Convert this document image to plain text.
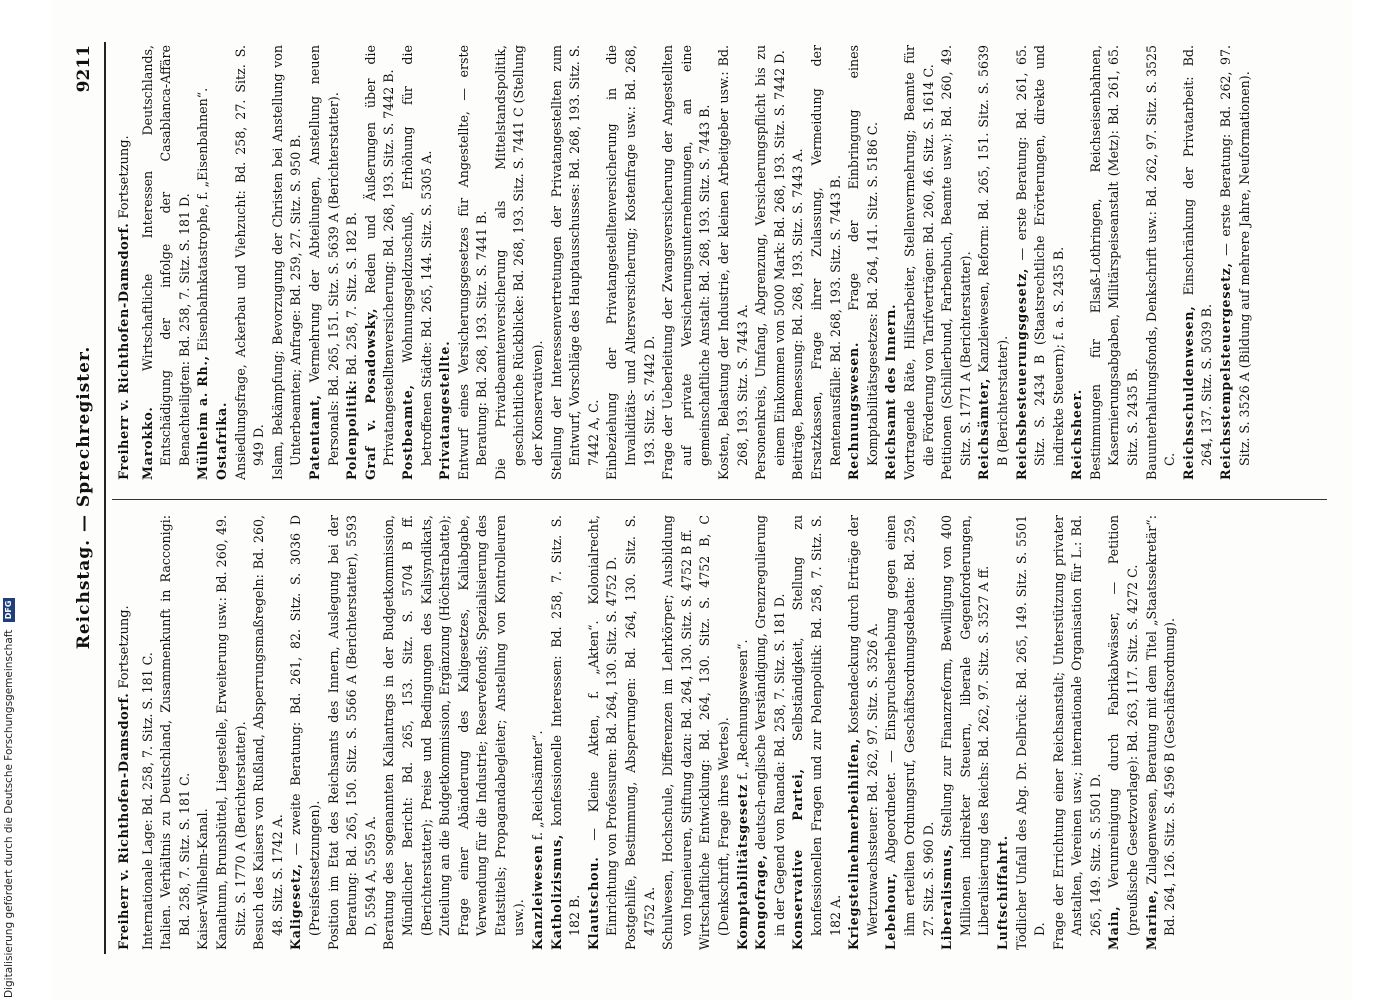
Reichstag. — Sprechregister.
9211
Freiherr v. Richthofen-Damsdorf. Fortsetzung.
Internationale Lage: Bd. 258, 7. Sitz. S. 181 C. Italien. Verhältnis zu Deutschland, Zusammenkunft in Racconigi: Bd. 258, 7. Sitz. S. 181 C. Kaiser-Wilhelm-Kanal. Kanaltunn, Brunsbüttel, Liegestelle, Erweiterung usw.: Bd. 260, 49. Sitz. S. 1770 A (Berichterstatter). Besuch des Kaisers von Rußland, Absperrungsmaßregeln: Bd. 260, 48. Sitz. S. 1742 A. Kaligesetz, — zweite Beratung: Bd. 261, 82. Sitz. S. 3036 D (Preisfestsetzungen). Position im Etat des Reichsamts des Innern, Auslegung bei der Beratung: Bd. 265, 150. Sitz. S. 5566 A (Berichterstatter), 5593 D, 5594 A, 5595 A. Beratung des sogenannten Kaliantrags in der Budgetkommission, Mündlicher Bericht: Bd. 265, 153. Sitz. S. 5704 B ff. (Berichterstatter); Preise und Bedingungen des Kalisyndikats, Zuteilung an die Budgetkommission, Ergänzung (Höchstrabatte); Frage einer Abänderung des Kaligesetzes, Kaliabgabe, Verwendung für die Industrie; Reservefonds; Spezialisierung des Etatstitels; Propagandabegleiter; Anstellung von Kontrolleuren usw.). Kanzleiwesen f. „Reichsämter“.
Katholizismus, konfessionelle Interessen: Bd. 258, 7. Sitz. S. 182 B. Klautschou. — Kleine Akten, f. „Akten“. Kolonialrecht, Einrichtung von Professuren: Bd. 264, 130. Sitz. S. 4752 D. Postgehilfe, Bestimmung, Absperrungen: Bd. 264, 130. Sitz. S. 4752 A. Schulwesen, Hochschule, Differenzen im Lehrkörper; Ausbildung von Ingenieuren, Stiftung dazu: Bd. 264, 130. Sitz. S. 4752 B ff. Wirtschaftliche Entwicklung: Bd. 264, 130. Sitz. S. 4752 B, C (Denkschrift, Frage ihres Wertes). Komptabilitätsgesetz f. „Rechnungswesen“.
Kongofrage, deutsch-englische Verständigung, Grenzregulierung in der Gegend von Ruanda: Bd. 258, 7. Sitz. S. 181 D. Konservative Partei, Selbständigkeit, Stellung zu konfessionellen Fragen und zur Polenpolitik: Bd. 258, 7. Sitz. S. 182 A. Kriegsteilnehmerbeihilfen, Kostendeckung durch Erträge der Wertzuwachssteuer: Bd. 262, 97. Sitz. S. 3526 A. Lebehour, Abgeordneter. — Einspruchserhebung gegen einen ihm erteilten Ordnungsruf, Geschäftsordnungsdebatte: Bd. 259, 27. Sitz. S. 960 D. Liberalismus, Stellung zur Finanzreform, Bewilligung von 400 Millionen indirekter Steuern, liberale Gegenforderungen, Liberalisierung des Reichs: Bd. 262, 97. Sitz. S. 3527 A ff. Luftschiffahrt. Tödlicher Unfall des Abg. Dr. Delbrück: Bd. 265, 149. Sitz. S. 5501 D. Frage der Errichtung einer Reichsanstalt; Unterstützung privater Anstalten, Vereinen usw.; internationale Organisation für L.: Bd. 265, 149. Sitz. S. 5501 D. Main, Verunreinigung durch Fabrikabwässer, — Petition (preußische Gesetzvorlage): Bd. 263, 117. Sitz. S. 4272 C. Marine, Zulagenwesen, Beratung mit dem Titel „Staatssekretär“: Bd. 264, 126. Sitz. S. 4596 B (Geschäftsordnung).
Freiherr v. Richthofen-Damsdorf. Fortsetzung.
Marokko. Wirtschaftliche Interessen Deutschlands, Entschädigung der infolge der Casablanca-Affäre Benachteiligten: Bd. 258, 7. Sitz. S. 181 D. Mülheim a. Rh., Eisenbahnkatastrophe, f. „Eisenbahnen“.
Ostafrika. Ansiedlungsfrage, Ackerbau und Viehzucht: Bd. 258, 27. Sitz. S. 949 D. Islam, Bekämpfung; Bevorzugung der Christen bei Anstellung von Unterbeamten; Anfrage: Bd. 259, 27. Sitz. S. 950 B. Patentamt, Vermehrung der Abteilungen, Anstellung neuen Personals: Bd. 265, 151. Sitz. S. 5639 A (Berichterstatter). Polenpolitik: Bd. 258, 7. Sitz. S. 182 B.
Graf v. Posadowsky, Reden und Äußerungen über die Privatangestelltenversicherung: Bd. 268, 193. Sitz. S. 7442 B. Postbeamte, Wohnungsgeldzuschuß, Erhöhung für die betroffenen Städte: Bd. 265, 144. Sitz. S. 5305 A. Privatangestellte. Entwurf eines Versicherungsgesetzes für Angestellte, — erste Beratung: Bd. 268, 193. Sitz. S. 7441 B. Die Privatbeamtenversicherung als Mittelstandspolitik, geschichtliche Rückblicke: Bd. 268, 193. Sitz. S. 7441 C (Stellung der Konservativen). Stellung der Interessenvertretungen der Privatangestellten zum Entwurf, Vorschläge des Hauptausschusses: Bd. 268, 193. Sitz. S. 7442 A, C. Einbeziehung der Privatangestelltenversicherung in die Invaliditäts- und Altersversicherung; Kostenfrage usw.: Bd. 268, 193. Sitz. S. 7442 D. Frage der Ueberleitung der Zwangsversicherung der Angestellten auf private Versicherungsunternehmungen, an eine gemeinschaftliche Anstalt: Bd. 268, 193. Sitz. S. 7443 B. Kosten, Belastung der Industrie, der kleinen Arbeitgeber usw.: Bd. 268, 193. Sitz. S. 7443 A. Personenkreis, Umfang, Abgrenzung, Versicherungspflicht bis zu einem Einkommen von 5000 Mark: Bd. 268, 193. Sitz. S. 7442 D. Beiträge, Bemessung: Bd. 268, 193. Sitz. S. 7443 A. Ersatzkassen, Frage ihrer Zulassung, Vermeidung der Rentenausfälle: Bd. 268, 193. Sitz. S. 7443 B. Rechnungswesen. Frage der Einbringung eines Komptabilitätsgesetzes: Bd. 264, 141. Sitz. S. 5186 C. Reichsamt des Innern. Vortragende Räte, Hilfsarbeiter, Stellenvermehrung; Beamte für die Förderung von Tarifverträgen: Bd. 260, 46. Sitz. S. 1614 C. Petitionen (Schillerbund, Farbenbuch, Beamte usw.): Bd. 260, 49. Sitz. S. 1771 A (Berichterstatter). Reichsämter, Kanzleiwesen, Reform: Bd. 265, 151. Sitz. S. 5639 B (Berichterstatter). Reichsbesteuerungsgesetz, — erste Beratung: Bd. 261, 65. Sitz. S. 2434 B (Staatsrechtliche Erörterungen, direkte und indirekte Steuern); f. a. S. 2435 B. Reichsheer. Bestimmungen für Elsaß-Lothringen, Reichseisenbahnen, Kasernierungsabgaben, Militärspeiseanstalt (Metz): Bd. 261, 65. Sitz. S. 2435 B. Bauunterhaltungsfonds, Denkschrift usw.: Bd. 262, 97. Sitz. S. 3525 C. Reichsschuldenwesen, Einschränkung der Privatarbeit: Bd. 264, 137. Sitz. S. 5039 B. Reichsstempelsteuergesetz, — erste Beratung: Bd. 262, 97. Sitz. S. 3526 A (Bildung auf mehrere Jahre, Neuformationen).
Digitalisierung gefördert durch die Deutsche Forschungsgemeinschaft DFG
